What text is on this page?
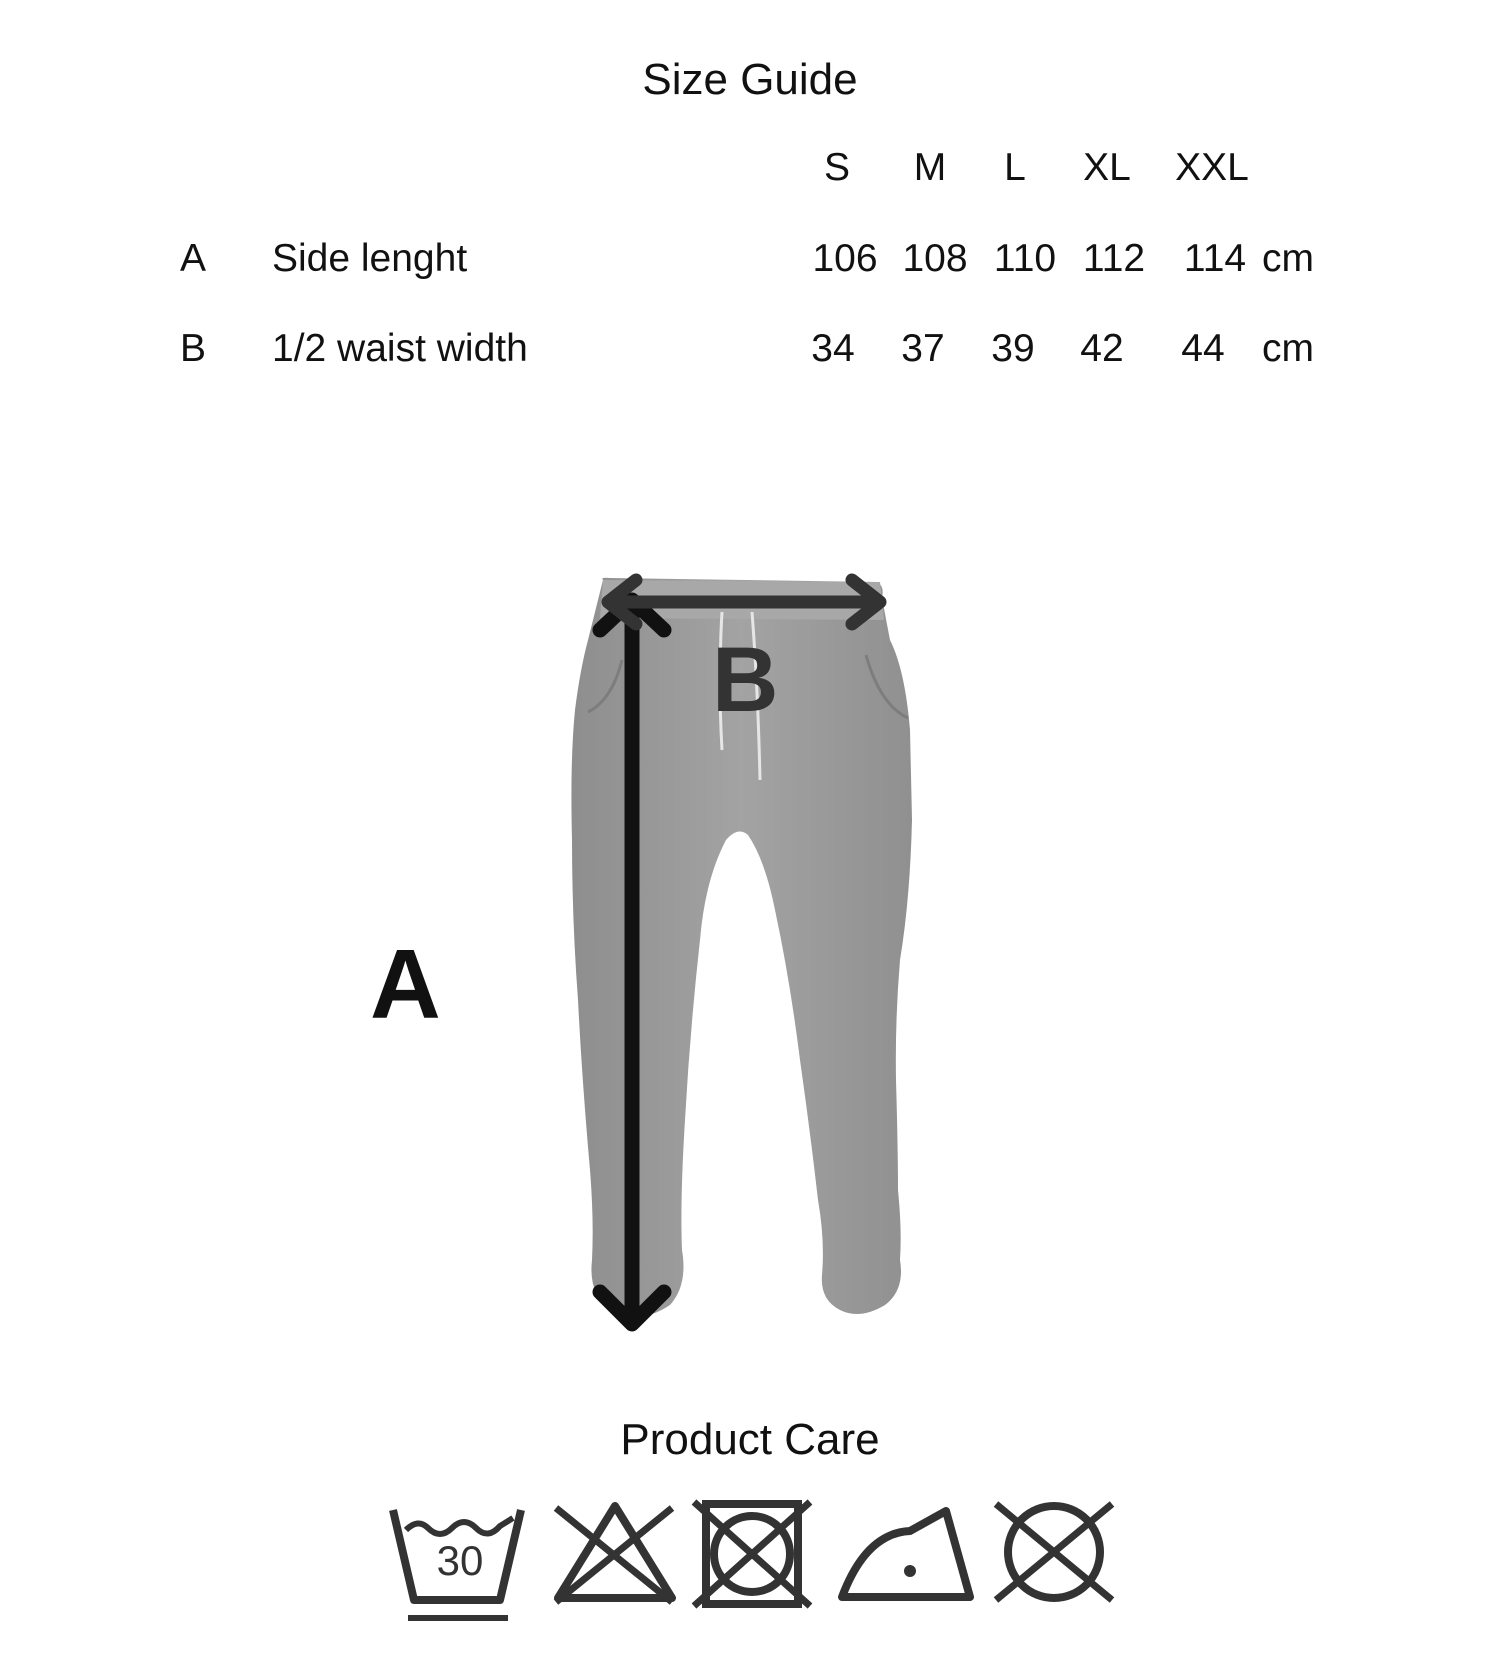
Size Guide
S	M	L	XL	XXL
A Side lenght	106 108 110 112 114 cm
B 1/2 waist width	34	37	39	42	44 cm
B
A
Product Care
30
